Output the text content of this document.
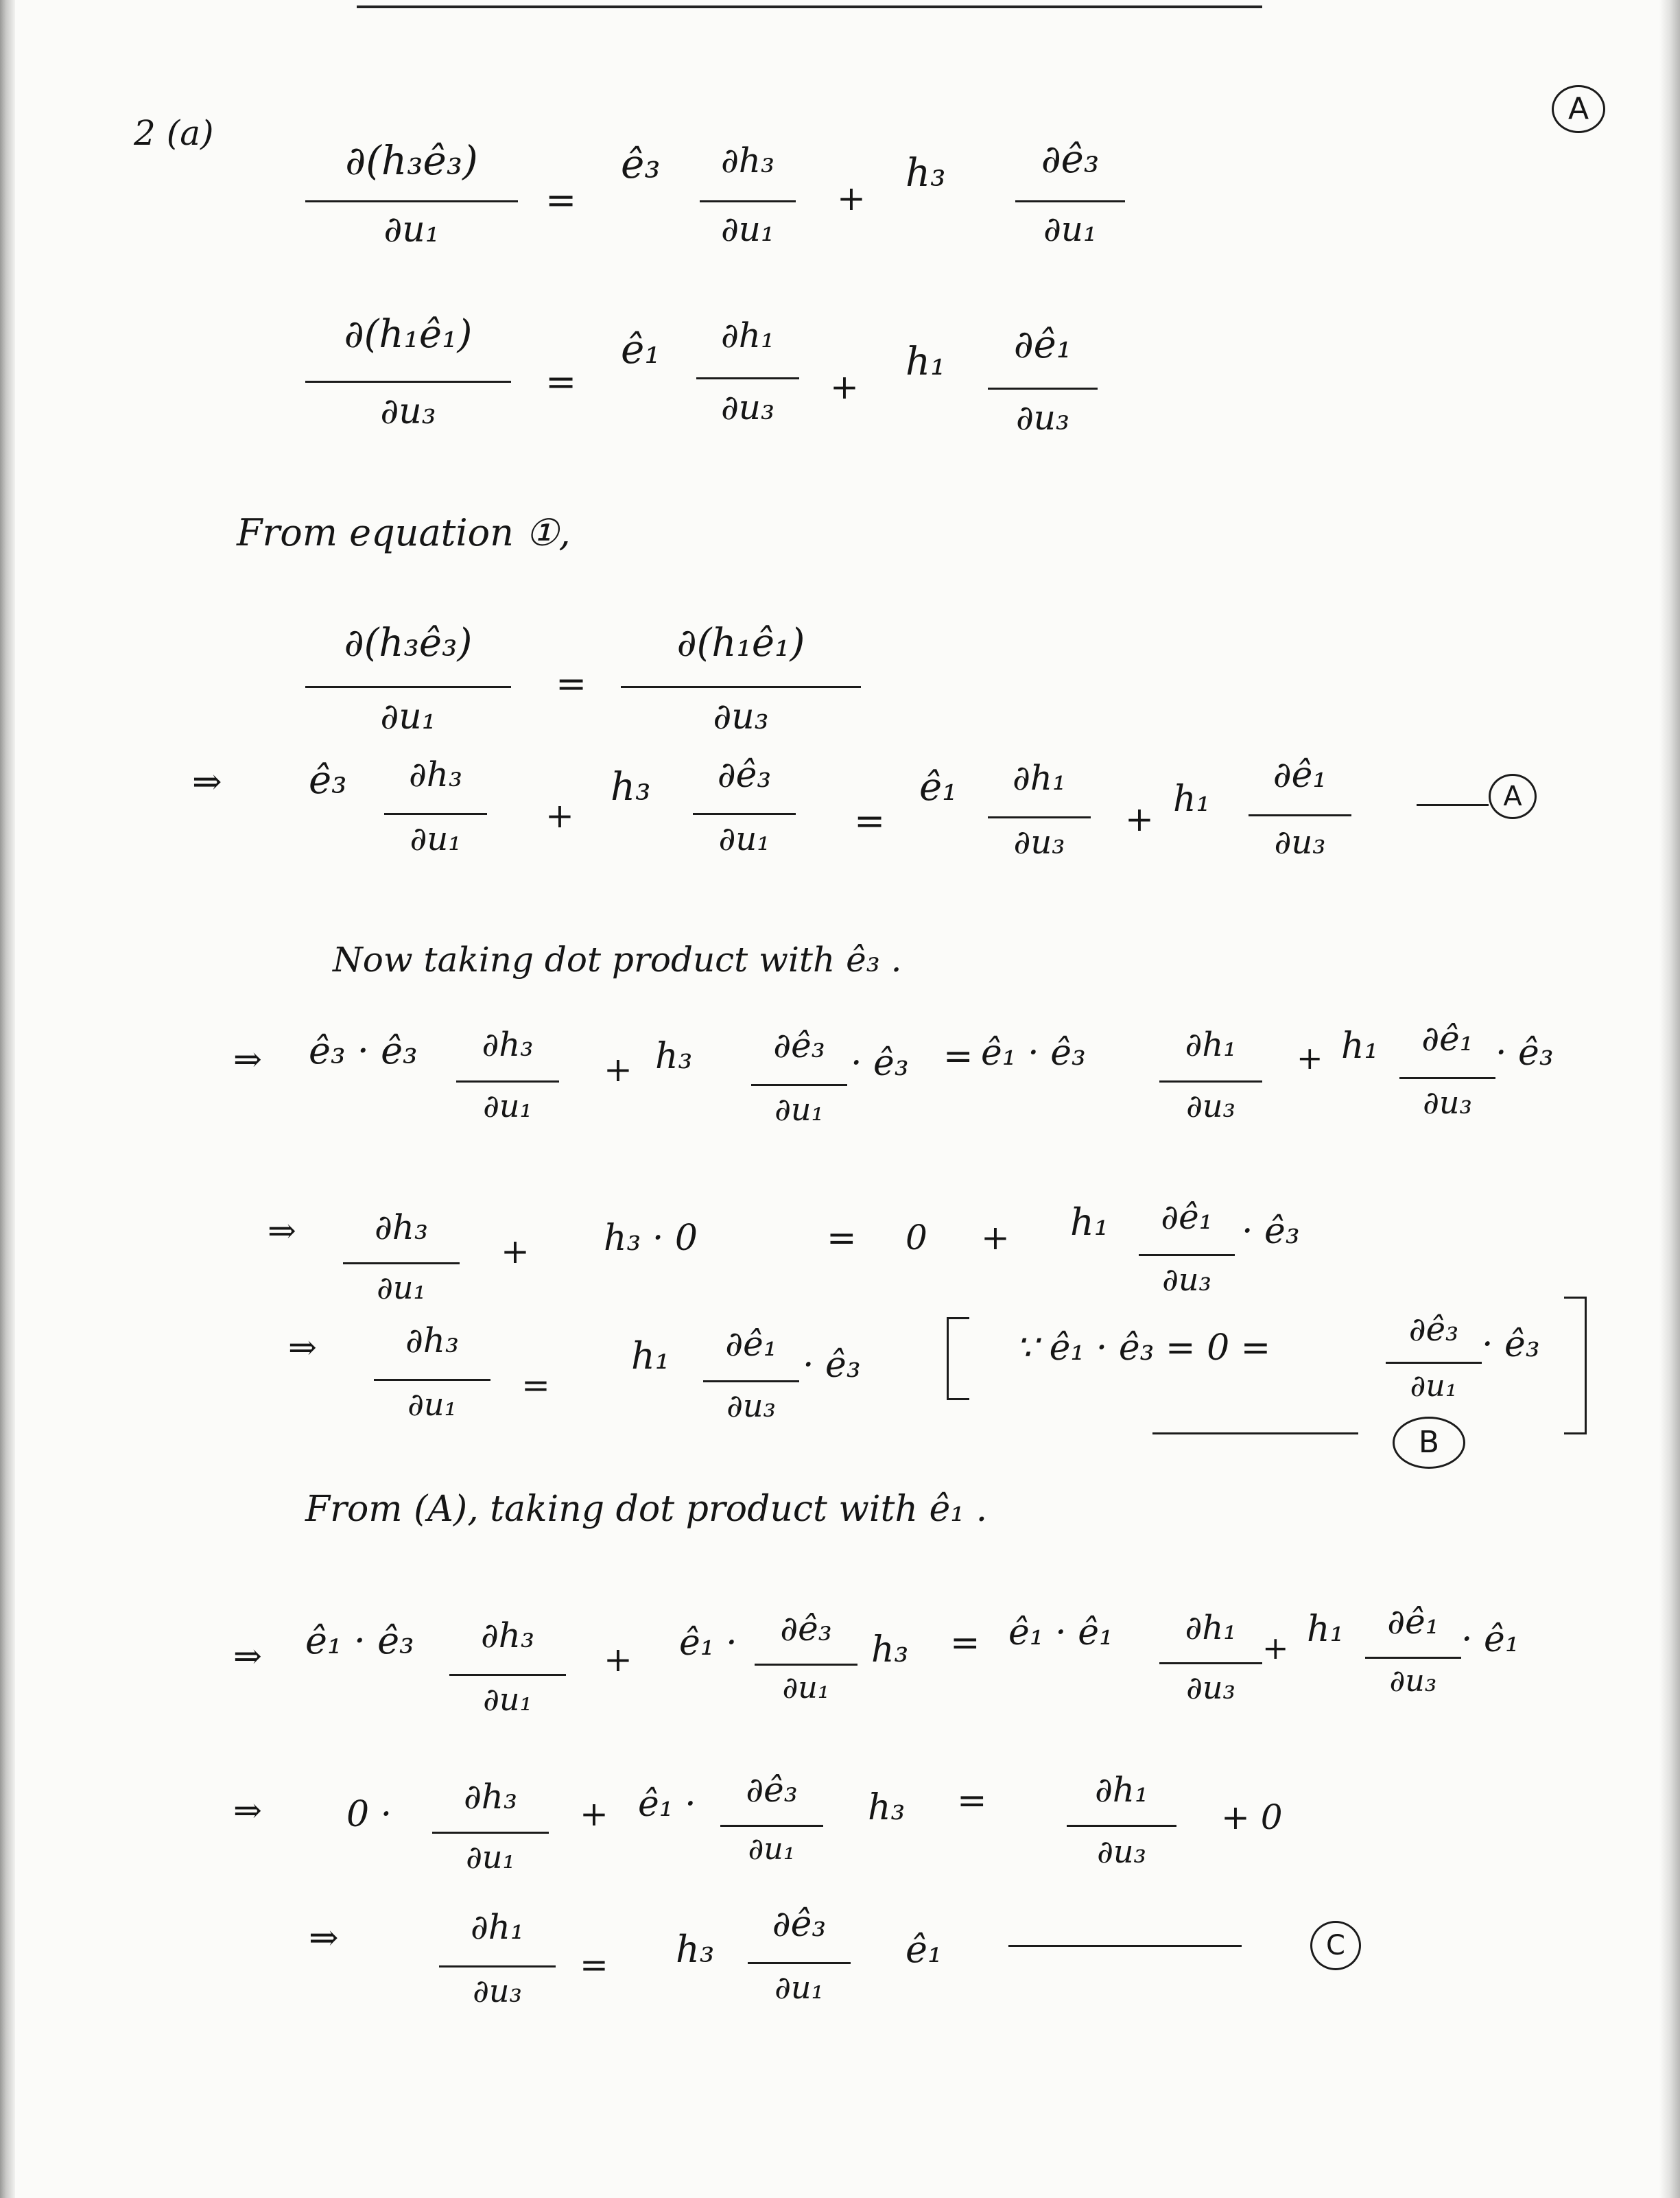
A
2 (a)
∂(h₃ê₃)
∂u₁
=
ê₃	∂h₃
∂u₁
+
h₃	∂ê₃
∂u₁
∂(h₁ê₁)
∂u₃
=
ê₁	∂h₁
∂u₃
+
h₁	∂ê₁
∂u₃
From equation ①,
∂(h₃ê₃)
∂u₁
=
∂(h₁ê₁)
∂u₃
⇒ ê₃	∂h₃
∂u₁
+
h₃	∂ê₃
∂u₁	=
ê₁	∂h₁
∂u₃
+ h₁
∂ê₁
∂u₃
A
Now taking dot product with ê₃ .
⇒ ê₃ · ê₃	∂h₃
∂u₁
+ h₃	∂ê₃
∂u₁
· ê₃ = ê₁ · ê₃	∂h₁
∂u₃
+ h₁	∂ê₁
∂u₃
· ê₃
⇒	∂h₃
∂u₁
+ h₃ · 0	= 0 + h₁	∂ê₁
∂u₃
· ê₃
⇒	∂h₃
∂u₁	=
h₁	∂ê₁
∂u₃
· ê₃	∵ ê₁ · ê₃ = 0 =	∂ê₃
∂u₁
· ê₃
B
From (A), taking dot product with ê₁ .
⇒ ê₁ · ê₃	∂h₃
∂u₁
+ ê₁ ·	∂ê₃
∂u₁
h₃ = ê₁ · ê₁	∂h₁
∂u₃
+ h₁	∂ê₁
∂u₃
· ê₁
⇒ 0 ·	∂h₃
∂u₁
+ ê₁ ·	∂ê₃
∂u₁
h₃ =	∂h₁
∂u₃
+ 0
⇒	∂h₁
∂u₃
= h₃
∂ê₃
∂u₁
ê₁	C
